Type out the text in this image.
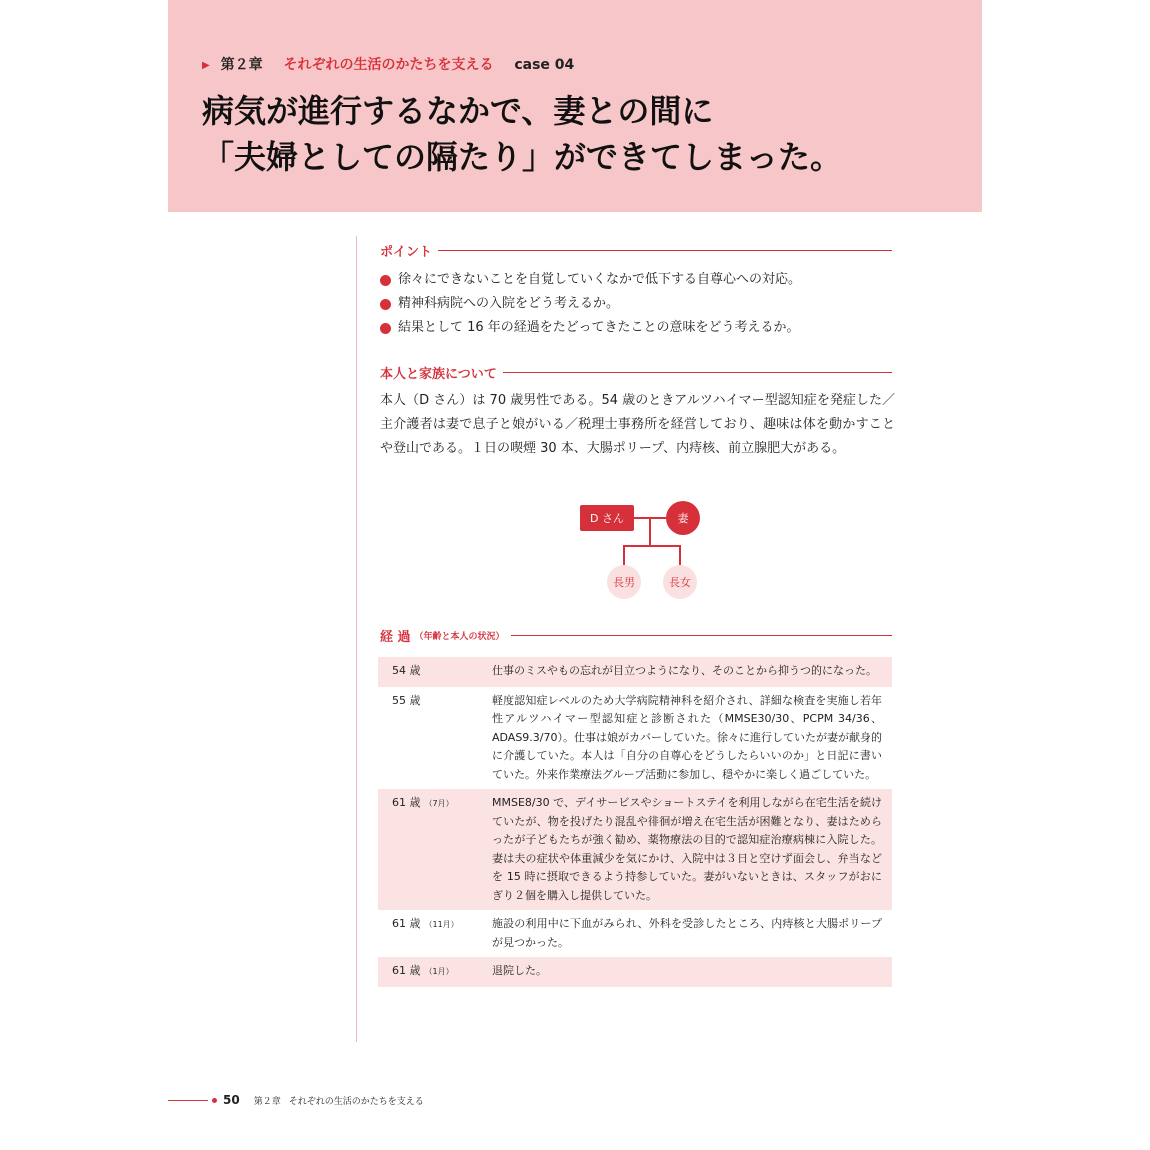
▶ 第２章 それぞれの生活のかたちを支える case 04
病気が進行するなかで、妻との間に
「夫婦としての隔たり」ができてしまった。
ポイント
徐々にできないことを自覚していくなかで低下する自尊心への対応。
精神科病院への入院をどう考えるか。
結果として 16 年の経過をたどってきたことの意味をどう考えるか。
本人と家族について

本人（D さん）は 70 歳男性である。54 歳のときアルツハイマー型認知症を発症した／主介護者は妻で息子と娘がいる／税理士事務所を経営しており、趣味は体を動かすことや登山である。１日の喫煙 30 本、大腸ポリープ、内痔核、前立腺肥大がある。

D さん	妻
長男	長女
経 過 （年齢と本人の状況）
54 歳	仕事のミスやもの忘れが目立つようになり、そのことから抑うつ的になった。
55 歳	軽度認知症レベルのため大学病院精神科を紹介され、詳細な検査を実施し若年性アルツハイマー型認知症と診断された（MMSE30/30、PCPM 34/36、ADAS9.3/70）。仕事は娘がカバーしていた。徐々に進行していたが妻が献身的に介護していた。本人は「自分の自尊心をどうしたらいいのか」と日記に書いていた。外来作業療法グループ活動に参加し、穏やかに楽しく過ごしていた。
61 歳 （7月）	MMSE8/30 で、デイサービスやショートステイを利用しながら在宅生活を続けていたが、物を投げたり混乱や徘徊が増え在宅生活が困難となり、妻はためらったが子どもたちが強く勧め、薬物療法の目的で認知症治療病棟に入院した。妻は夫の症状や体重減少を気にかけ、入院中は３日と空けず面会し、弁当などを 15 時に摂取できるよう持参していた。妻がいないときは、スタッフがおにぎり２個を購入し提供していた。
61 歳 （11月）	施設の利用中に下血がみられ、外科を受診したところ、内痔核と大腸ポリープが見つかった。
61 歳 （1月）	退院した。
50 第２章 それぞれの生活のかたちを支える
